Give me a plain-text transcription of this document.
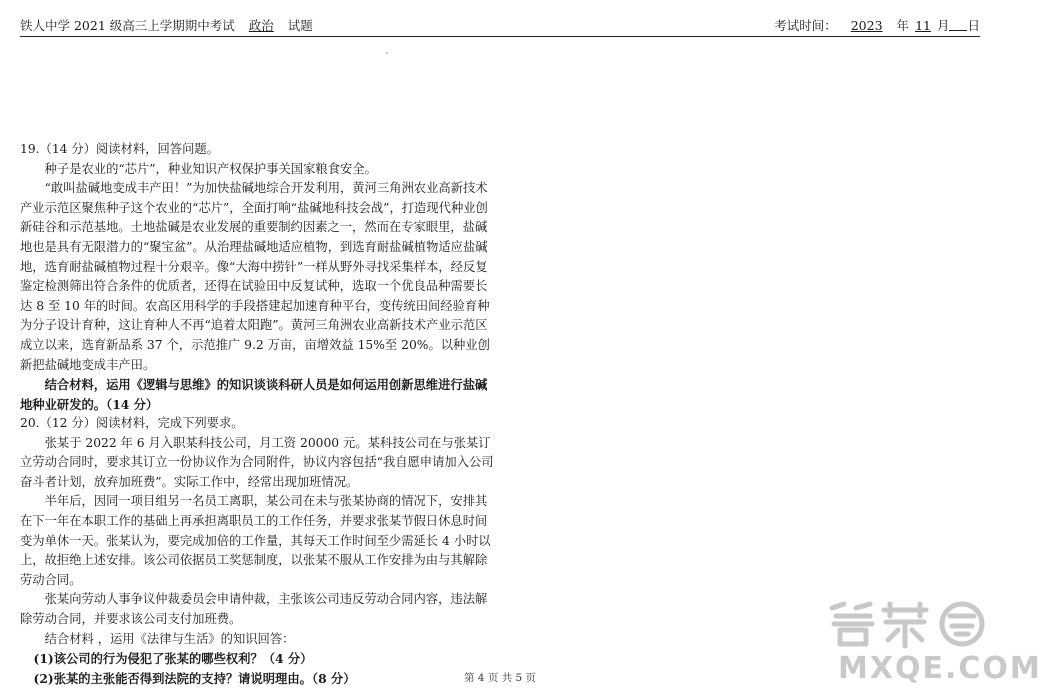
铁人中学 2021 级高三上学期期中考试 政治 试题	考试时间： 2023 年 11 月 日

19.（14 分）阅读材料，回答问题。

种子是农业的“芯片”，种业知识产权保护事关国家粮食安全。

“敢叫盐碱地变成丰产田！”为加快盐碱地综合开发利用，黄河三角洲农业高新技术产业示范区聚焦种子这个农业的“芯片”，全面打响“盐碱地科技会战”，打造现代种业创新硅谷和示范基地。土地盐碱是农业发展的重要制约因素之一，然而在专家眼里，盐碱地也是具有无限潜力的“聚宝盆”。从治理盐碱地适应植物，到选育耐盐碱植物适应盐碱地，选育耐盐碱植物过程十分艰辛。像“大海中捞针”一样从野外寻找采集样本，经反复鉴定检测筛出符合条件的优质者，还得在试验田中反复试种，选取一个优良品种需要长达 8 至 10 年的时间。农高区用科学的手段搭建起加速育种平台，变传统田间经验育种为分子设计育种，这让育种人不再“追着太阳跑”。黄河三角洲农业高新技术产业示范区成立以来，选育新品系 37 个，示范推广 9.2 万亩，亩增效益 15%至 20%。以种业创新把盐碱地变成丰产田。

结合材料，运用《逻辑与思维》的知识谈谈科研人员是如何运用创新思维进行盐碱地种业研发的。（14 分）

20.（12 分）阅读材料，完成下列要求。

张某于 2022 年 6 月入职某科技公司，月工资 20000 元。某科技公司在与张某订立劳动合同时，要求其订立一份协议作为合同附件，协议内容包括“我自愿申请加入公司奋斗者计划，放弃加班费”。实际工作中，经常出现加班情况。

半年后，因同一项目组另一名员工离职，某公司在未与张某协商的情况下，安排其在下一年在本职工作的基础上再承担离职员工的工作任务，并要求张某节假日休息时间变为单休一天。张某认为，要完成加倍的工作量，其每天工作时间至少需延长 4 小时以上，故拒绝上述安排。该公司依据员工奖惩制度，以张某不服从工作安排为由与其解除劳动合同。

张某向劳动人事争议仲裁委员会申请仲裁，主张该公司违反劳动合同内容，违法解除劳动合同，并要求该公司支付加班费。

结合材料 ，运用《法律与生活》的知识回答：

(1)该公司的行为侵犯了张某的哪些权利？（4 分）

(2)张某的主张能否得到法院的支持？请说明理由。（8 分）	第 4 页 共 5 页	MXQE.COM
